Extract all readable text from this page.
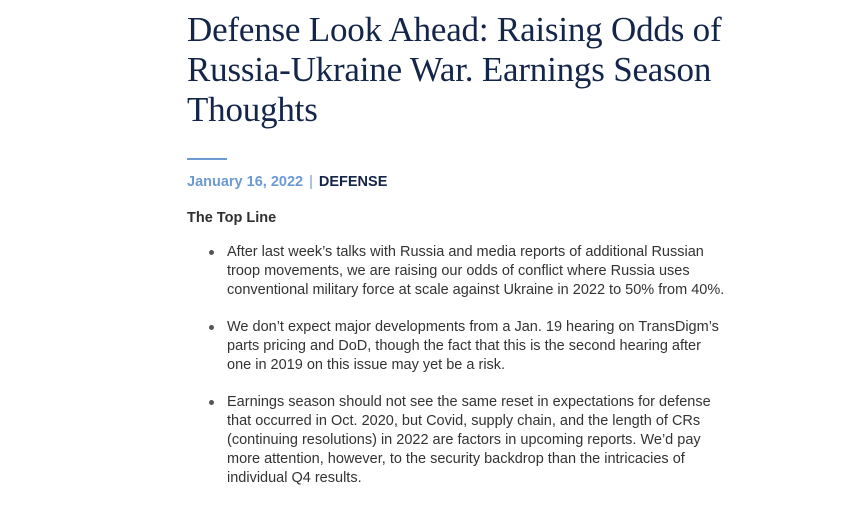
Defense Look Ahead: Raising Odds of Russia-Ukraine War. Earnings Season Thoughts
January 16, 2022 | DEFENSE
The Top Line
After last week’s talks with Russia and media reports of additional Russian troop movements, we are raising our odds of conflict where Russia uses conventional military force at scale against Ukraine in 2022 to 50% from 40%.
We don’t expect major developments from a Jan. 19 hearing on TransDigm’s parts pricing and DoD, though the fact that this is the second hearing after one in 2019 on this issue may yet be a risk.
Earnings season should not see the same reset in expectations for defense that occurred in Oct. 2020, but Covid, supply chain, and the length of CRs (continuing resolutions) in 2022 are factors in upcoming reports. We’d pay more attention, however, to the security backdrop than the intricacies of individual Q4 results.
